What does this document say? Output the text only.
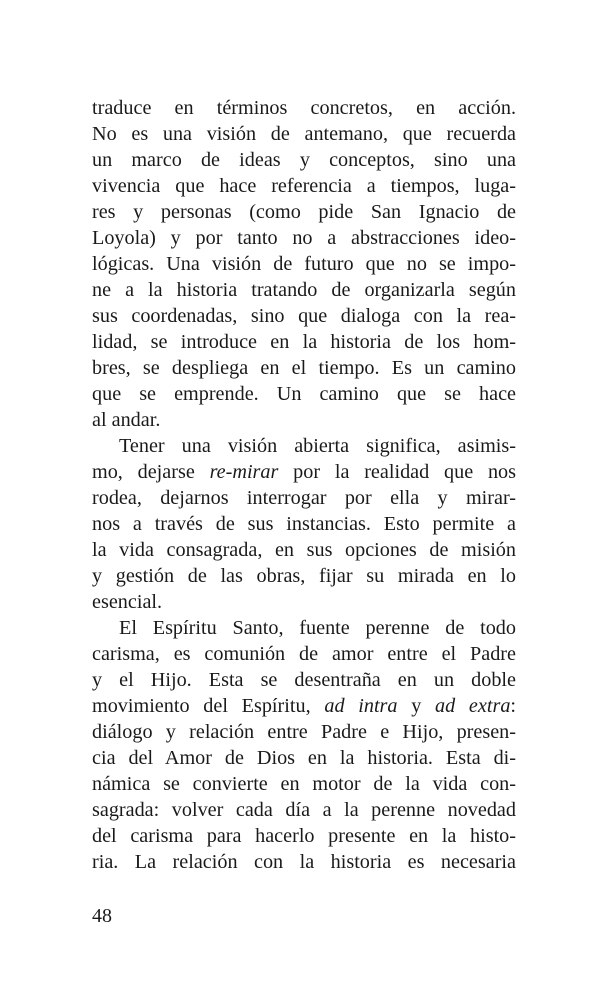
traduce en términos concretos, en acción.
No es una visión de antemano, que recuerda
un marco de ideas y conceptos, sino una
vivencia que hace referencia a tiempos, luga-
res y personas (como pide San Ignacio de
Loyola) y por tanto no a abstracciones ideo-
lógicas. Una visión de futuro que no se impo-
ne a la historia tratando de organizarla según
sus coordenadas, sino que dialoga con la rea-
lidad, se introduce en la historia de los hom-
bres, se despliega en el tiempo. Es un camino
que se emprende. Un camino que se hace
al andar.
Tener una visión abierta significa, asimis-
mo, dejarse re-mirar por la realidad que nos
rodea, dejarnos interrogar por ella y mirar-
nos a través de sus instancias. Esto permite a
la vida consagrada, en sus opciones de misión
y gestión de las obras, fijar su mirada en lo
esencial.
El Espíritu Santo, fuente perenne de todo
carisma, es comunión de amor entre el Padre
y el Hijo. Esta se desentraña en un doble
movimiento del Espíritu, ad intra y ad extra:
diálogo y relación entre Padre e Hijo, presen-
cia del Amor de Dios en la historia. Esta di-
námica se convierte en motor de la vida con-
sagrada: volver cada día a la perenne novedad
del carisma para hacerlo presente en la histo-
ria. La relación con la historia es necesaria
48
